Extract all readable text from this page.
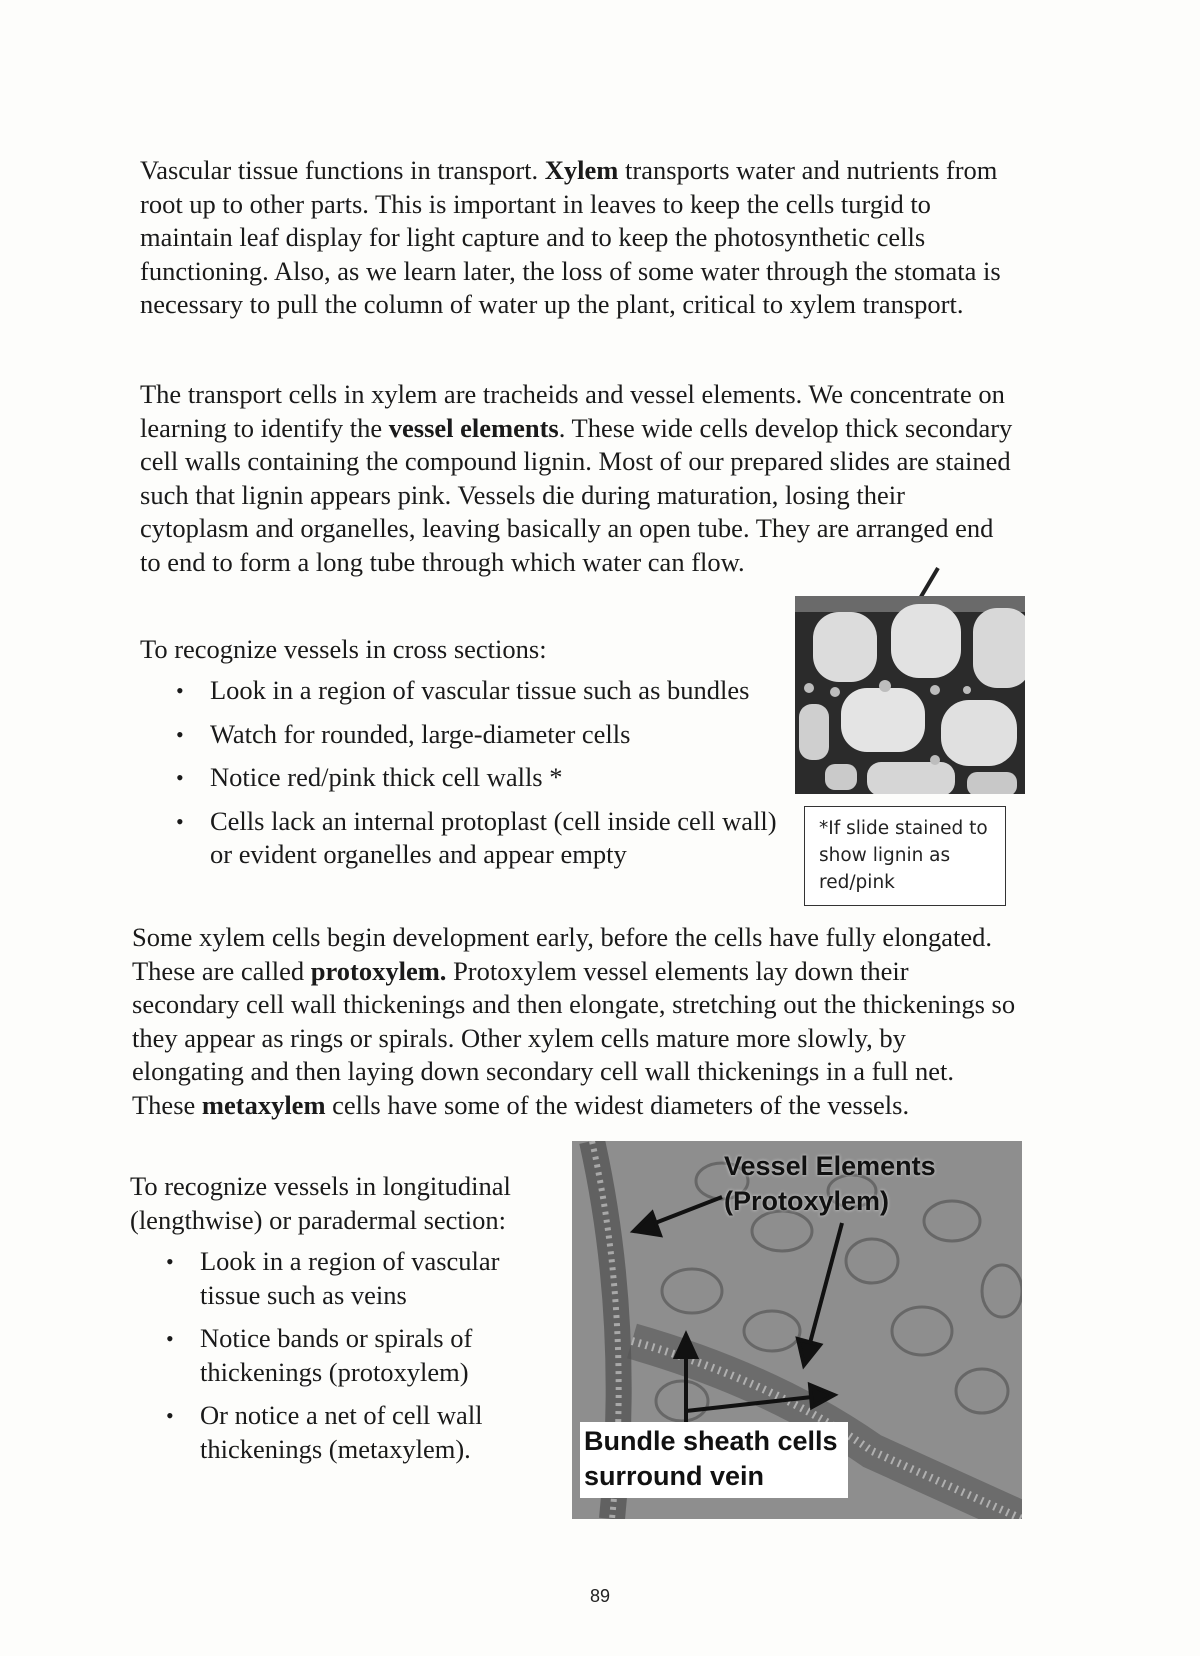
Vascular tissue functions in transport. Xylem transports water and nutrients from root up to other parts. This is important in leaves to keep the cells turgid to maintain leaf display for light capture and to keep the photosynthetic cells functioning. Also, as we learn later, the loss of some water through the stomata is necessary to pull the column of water up the plant, critical to xylem transport.

The transport cells in xylem are tracheids and vessel elements. We concentrate on learning to identify the vessel elements. These wide cells develop thick secondary cell walls containing the compound lignin. Most of our prepared slides are stained such that lignin appears pink. Vessels die during maturation, losing their cytoplasm and organelles, leaving basically an open tube. They are arranged end to end to form a long tube through which water can flow.

To recognize vessels in cross sections:

• Look in a region of vascular tissue such as bundles
• Watch for rounded, large-diameter cells
• Notice red/pink thick cell walls *
• Cells lack an internal protoplast (cell inside cell wall) or evident organelles and appear empty
*If slide stained to show lignin as red/pink

Some xylem cells begin development early, before the cells have fully elongated. These are called protoxylem. Protoxylem vessel elements lay down their secondary cell wall thickenings and then elongate, stretching out the thickenings so they appear as rings or spirals. Other xylem cells mature more slowly, by elongating and then laying down secondary cell wall thickenings in a full net. These metaxylem cells have some of the widest diameters of the vessels.

To recognize vessels in longitudinal (lengthwise) or paradermal section:

• Look in a region of vascular tissue such as veins
• Notice bands or spirals of thickenings (protoxylem)
• Or notice a net of cell wall thickenings (metaxylem).
Vessel Elements (Protoxylem)
Bundle sheath cells surround vein
89
